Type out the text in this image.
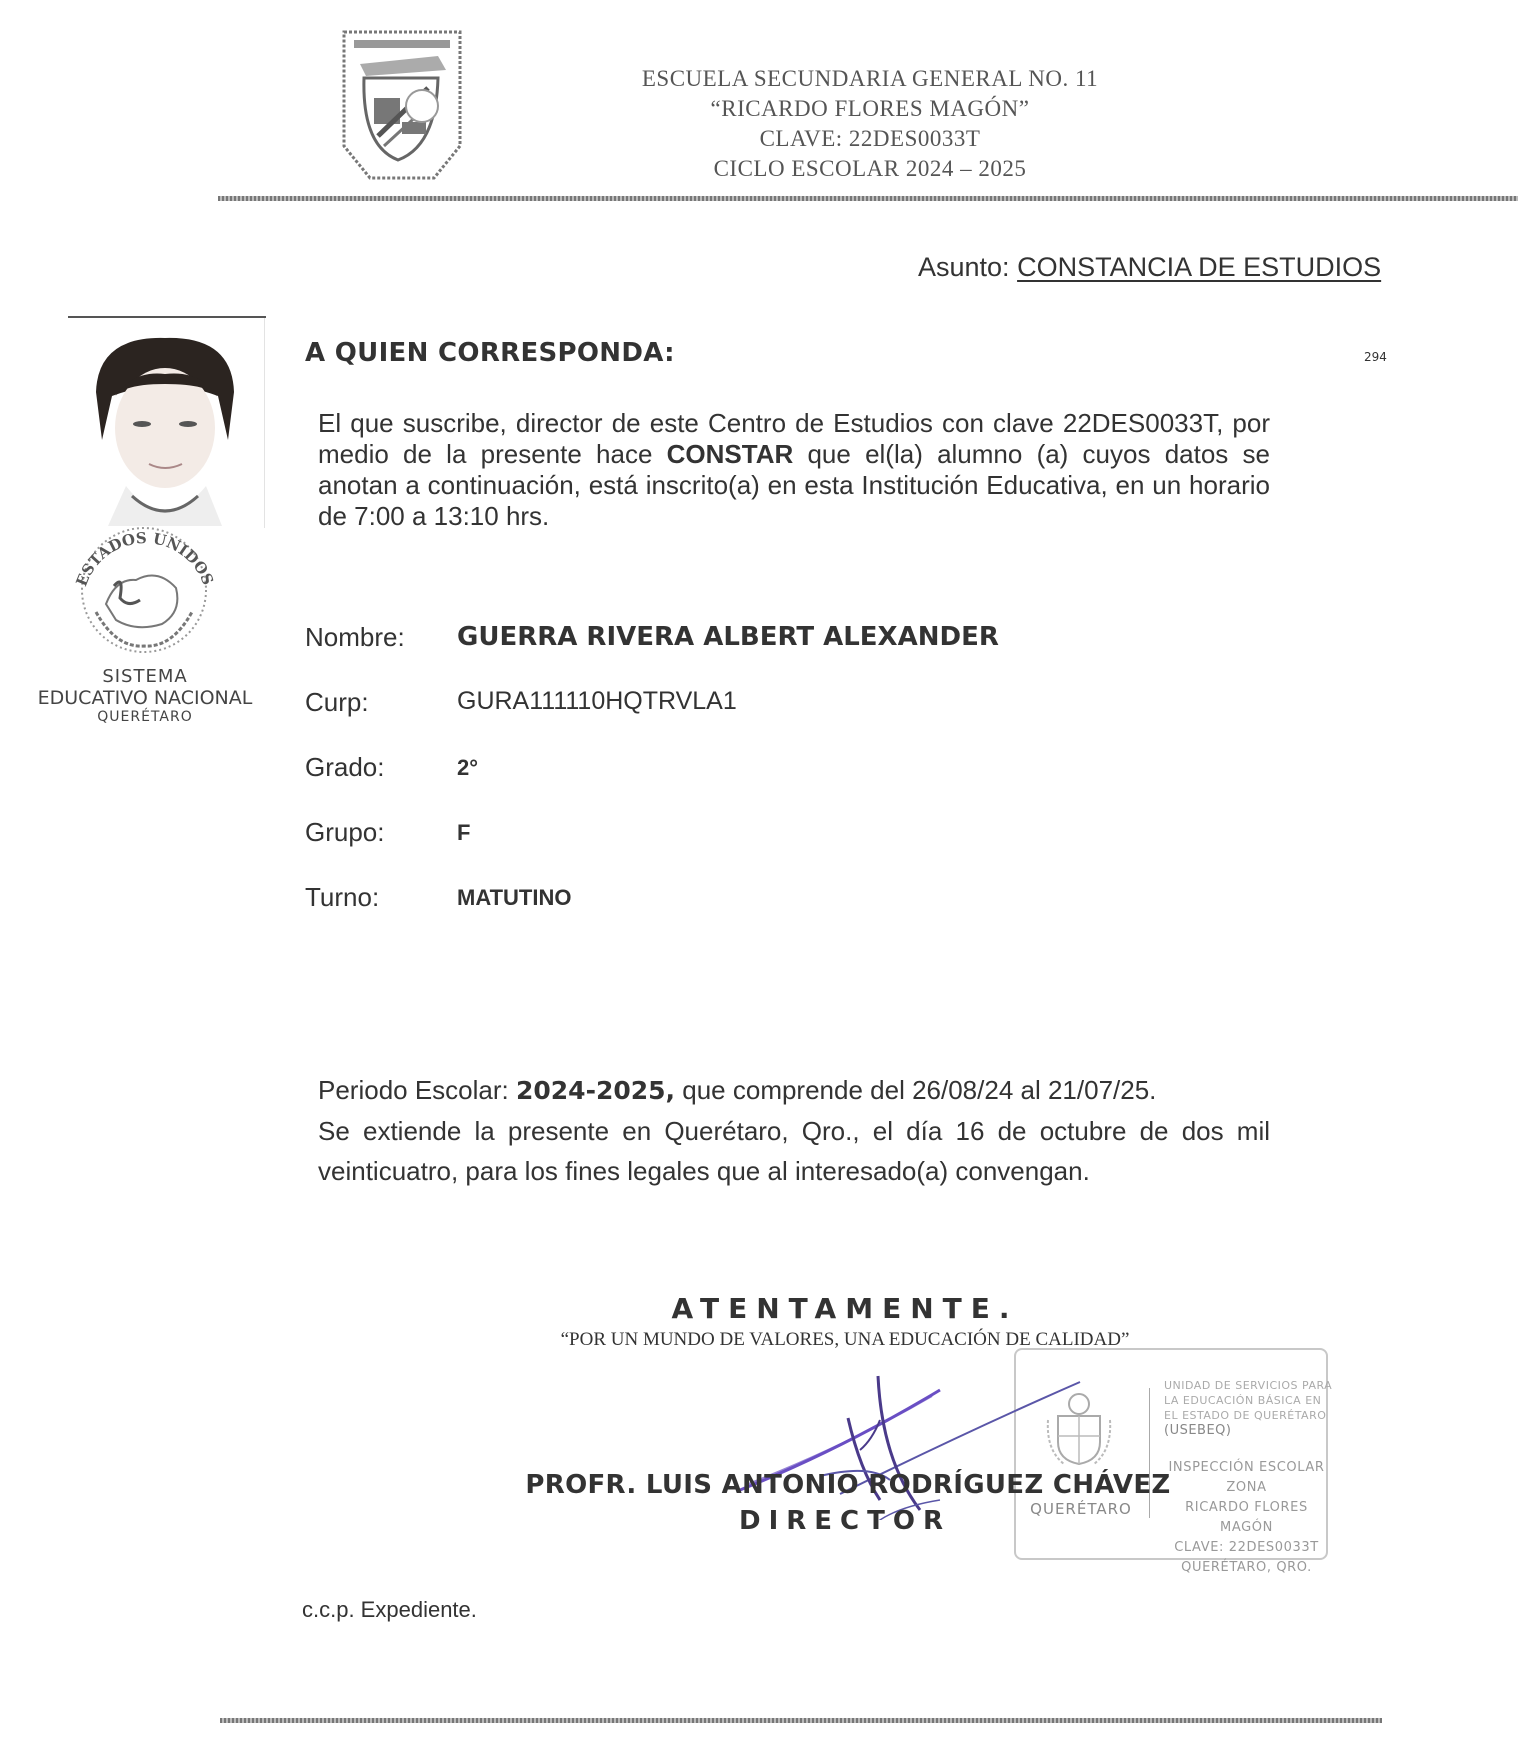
ESCUELA SECUNDARIA GENERAL NO. 11
“RICARDO FLORES MAGÓN”
CLAVE: 22DES0033T
CICLO ESCOLAR 2024 – 2025
Asunto: CONSTANCIA DE ESTUDIOS
294
ESTADOS UNIDOS
SISTEMA
EDUCATIVO NACIONAL
QUERÉTARO
A QUIEN CORRESPONDA:
El que suscribe, director de este Centro de Estudios con clave 22DES0033T, por medio de la presente hace CONSTAR que el(la) alumno (a) cuyos datos se anotan a continuación, está inscrito(a) en esta Institución Educativa, en un horario de 7:00 a 13:10 hrs.
Nombre:	GUERRA RIVERA ALBERT ALEXANDER
Curp:	GURA111110HQTRVLA1
Grado:	2°
Grupo:	F
Turno:	MATUTINO
Periodo Escolar: 2024-2025, que comprende del 26/08/24 al 21/07/25.
Se extiende la presente en Querétaro, Qro., el día 16 de octubre de dos mil veinticuatro, para los fines legales que al interesado(a) convengan.
ATENTAMENTE.
“POR UN MUNDO DE VALORES, UNA EDUCACIÓN DE CALIDAD”
QUERÉTARO
UNIDAD DE SERVICIOS PARA
LA EDUCACIÓN BÁSICA EN
EL ESTADO DE QUERÉTARO
(USEBEQ)
INSPECCIÓN ESCOLAR ZONA
RICARDO FLORES MAGÓN
CLAVE: 22DES0033T
QUERÉTARO, QRO.
PROFR. LUIS ANTONIO RODRÍGUEZ CHÁVEZ
DIRECTOR
c.c.p. Expediente.
